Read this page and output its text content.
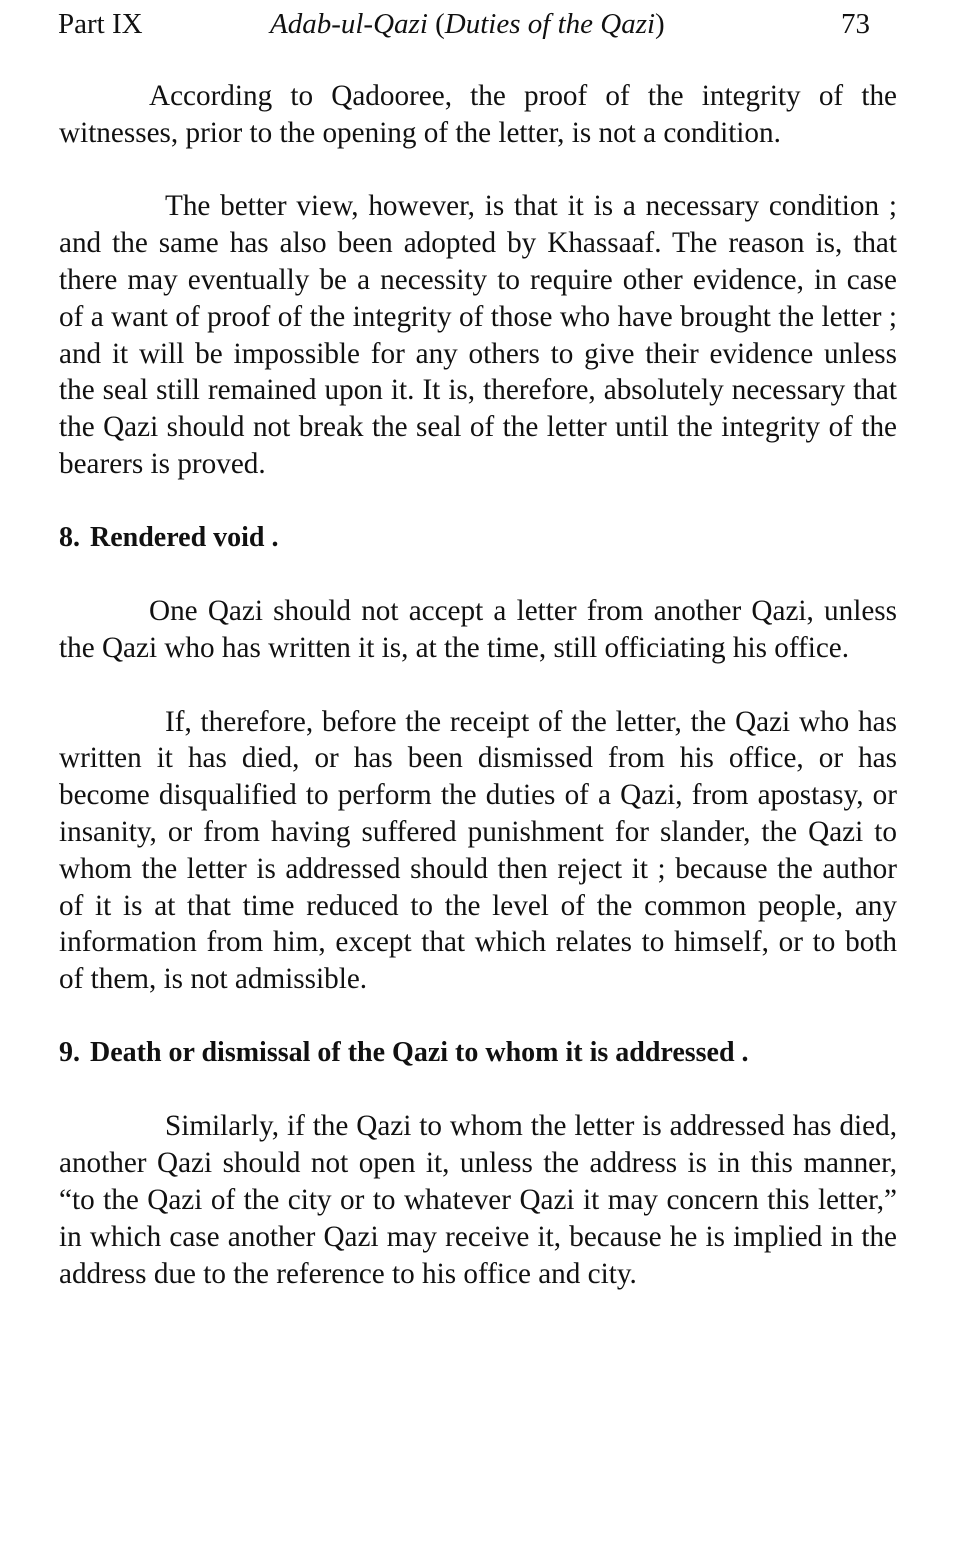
Part IX	Adab-ul-Qazi (Duties of the Qazi)	73

According to Qadooree, the proof of the integrity of the witnesses, prior to the opening of the letter, is not a condition.

The better view, however, is that it is a necessary condition ; and the same has also been adopted by Khassaaf. The reason is, that there may eventually be a necessity to require other evidence, in case of a want of proof of the integrity of those who have brought the letter ; and it will be impossible for any others to give their evidence unless the seal still remained upon it. It is, therefore, absolutely necessary that the Qazi should not break the seal of the letter until the integrity of the bearers is proved.

8. Rendered void .

One Qazi should not accept a letter from another Qazi, unless the Qazi who has written it is, at the time, still officiating his office.

If, therefore, before the receipt of the letter, the Qazi who has written it has died, or has been dismissed from his office, or has become disqualified to perform the duties of a Qazi, from apostasy, or insanity, or from having suffered punishment for slander, the Qazi to whom the letter is addressed should then reject it ; because the author of it is at that time reduced to the level of the common people, any information from him, except that which relates to himself, or to both of them, is not admissible.

9. Death or dismissal of the Qazi to whom it is addressed .

Similarly, if the Qazi to whom the letter is addressed has died, another Qazi should not open it, unless the address is in this manner, “to the Qazi of the city or to whatever Qazi it may concern this letter,” in which case another Qazi may receive it, because he is implied in the address due to the reference to his office and city.
